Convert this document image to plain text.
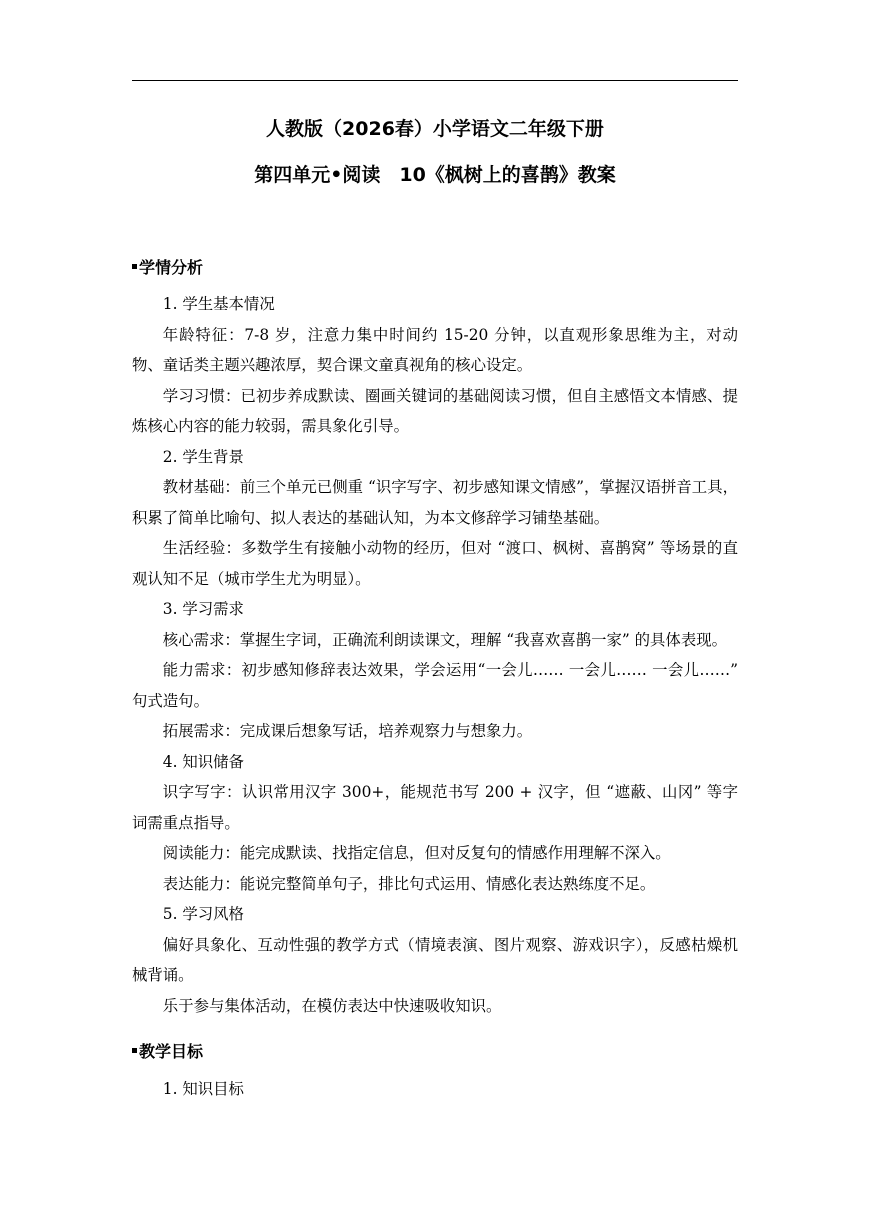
人教版（2026春）小学语文二年级下册
第四单元•阅读　10《枫树上的喜鹊》教案
学情分析

1. 学生基本情况

年龄特征：7-8 岁，注意力集中时间约 15-20 分钟，以直观形象思维为主，对动物、童话类主题兴趣浓厚，契合课文童真视角的核心设定。

学习习惯：已初步养成默读、圈画关键词的基础阅读习惯，但自主感悟文本情感、提炼核心内容的能力较弱，需具象化引导。

2. 学生背景

教材基础：前三个单元已侧重 “识字写字、初步感知课文情感”，掌握汉语拼音工具，积累了简单比喻句、拟人表达的基础认知，为本文修辞学习铺垫基础。

生活经验：多数学生有接触小动物的经历，但对 “渡口、枫树、喜鹊窝” 等场景的直观认知不足（城市学生尤为明显）。

3. 学习需求

核心需求：掌握生字词，正确流利朗读课文，理解 “我喜欢喜鹊一家” 的具体表现。

能力需求：初步感知修辞表达效果，学会运用“一会儿…… 一会儿…… 一会儿……” 句式造句。

拓展需求：完成课后想象写话，培养观察力与想象力。

4. 知识储备

识字写字：认识常用汉字 300+，能规范书写 200 + 汉字，但 “遮蔽、山冈” 等字词需重点指导。

阅读能力：能完成默读、找指定信息，但对反复句的情感作用理解不深入。

表达能力：能说完整简单句子，排比句式运用、情感化表达熟练度不足。

5. 学习风格

偏好具象化、互动性强的教学方式（情境表演、图片观察、游戏识字），反感枯燥机械背诵。

乐于参与集体活动，在模仿表达中快速吸收知识。

教学目标

1. 知识目标
